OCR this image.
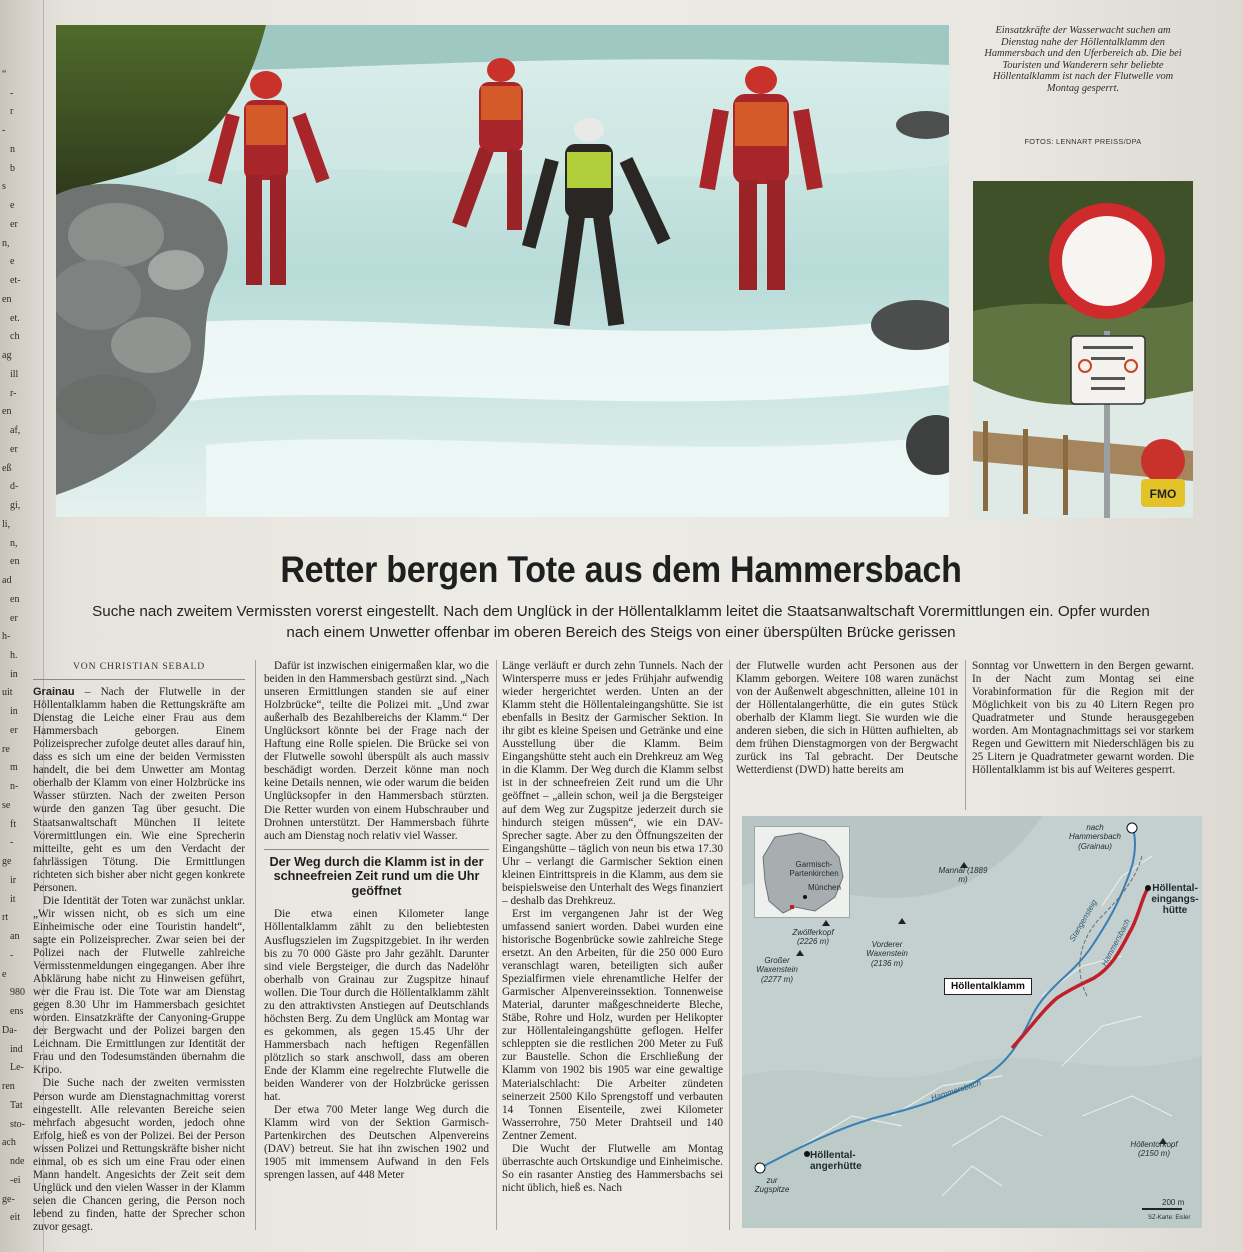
“
-
r
-
n
b
s
e
er
n,
e
et-
en
et.
ch
ag
ill
r-
en
af,
er
eß
d-
gi,
li,
n,
en
ad
en
er
h-
h.
in
uit
in
er
re
m
n-
se
ft
-
ge
ir
it
rt
an
-
e
980
ens
Da-
ind
Le-
ren
Tat
sto-
ach
nde
-ei
ge-
eit
Einsatzkräfte der Wasserwacht suchen am Dienstag nahe der Höllentalklamm den Hammersbach und den Uferbereich ab. Die bei Touristen und Wanderern sehr beliebte Höllentalklamm ist nach der Flutwelle vom Montag gesperrt.
FOTOS: LENNART PREISS/DPA
FMO
Retter bergen Tote aus dem Hammersbach
Suche nach zweitem Vermissten vorerst eingestellt. Nach dem Unglück in der Höllentalklamm leitet die Staatsanwaltschaft Vorermittlungen ein. Opfer wurden nach einem Unwetter offenbar im oberen Bereich des Steigs von einer überspülten Brücke gerissen
VON CHRISTIAN SEBALD

Grainau – Nach der Flutwelle in der Höllentalklamm haben die Rettungskräfte am Dienstag die Leiche einer Frau aus dem Hammersbach geborgen. Einem Polizeisprecher zufolge deutet alles darauf hin, dass es sich um eine der beiden Vermissten handelt, die bei dem Unwetter am Montag oberhalb der Klamm von einer Holzbrücke ins Wasser stürzten. Nach der zweiten Person wurde den ganzen Tag über gesucht. Die Staatsanwaltschaft München II leitete Vorermittlungen ein. Wie eine Sprecherin mitteilte, geht es um den Verdacht der fahrlässigen Tötung. Die Ermittlungen richteten sich bisher aber nicht gegen konkrete Personen.

Die Identität der Toten war zunächst unklar. „Wir wissen nicht, ob es sich um eine Einheimische oder eine Touristin handelt“, sagte ein Polizeisprecher. Zwar seien bei der Polizei nach der Flutwelle zahlreiche Vermisstenmeldungen eingegangen. Aber ihre Abklärung habe nicht zu Hinweisen geführt, wer die Frau ist. Die Tote war am Dienstag gegen 8.30 Uhr im Hammersbach gesichtet worden. Einsatzkräfte der Canyoning-Gruppe der Bergwacht und der Polizei bargen den Leichnam. Die Ermittlungen zur Identität der Frau und den Todesumständen übernahm die Kripo.

Die Suche nach der zweiten vermissten Person wurde am Dienstagnachmittag vorerst eingestellt. Alle relevanten Bereiche seien mehrfach abgesucht worden, jedoch ohne Erfolg, hieß es von der Polizei. Bei der Person wissen Polizei und Rettungskräfte bisher nicht einmal, ob es sich um eine Frau oder einen Mann handelt. Angesichts der Zeit seit dem Unglück und den vielen Wasser in der Klamm seien die Chancen gering, die Person noch lebend zu finden, hatte der Sprecher schon zuvor gesagt.

Dafür ist inzwischen einigermaßen klar, wo die beiden in den Hammersbach gestürzt sind. „Nach unseren Ermittlungen standen sie auf einer Holzbrücke“, teilte die Polizei mit. „Und zwar außerhalb des Bezahlbereichs der Klamm.“ Der Unglücksort könnte bei der Frage nach der Haftung eine Rolle spielen. Die Brücke sei von der Flutwelle sowohl überspült als auch massiv beschädigt worden. Derzeit könne man noch keine Details nennen, wie oder warum die beiden Unglücksopfer in den Hammersbach stürzten. Die Retter wurden von einem Hubschrauber und Drohnen unterstützt. Der Hammersbach führte auch am Dienstag noch relativ viel Wasser.

Der Weg durch die Klamm ist in der schneefreien Zeit rund um die Uhr geöffnet

Die etwa einen Kilometer lange Höllentalklamm zählt zu den beliebtesten Ausflugszielen im Zugspitzgebiet. In ihr werden bis zu 70 000 Gäste pro Jahr gezählt. Darunter sind viele Bergsteiger, die durch das Nadelöhr oberhalb von Grainau zur Zugspitze hinauf wollen. Die Tour durch die Höllentalklamm zählt zu den attraktivsten Anstiegen auf Deutschlands höchsten Berg. Zu dem Unglück am Montag war es gekommen, als gegen 15.45 Uhr der Hammersbach nach heftigen Regenfällen plötzlich so stark anschwoll, dass am oberen Ende der Klamm eine regelrechte Flutwelle die beiden Wanderer von der Holzbrücke gerissen hat.

Der etwa 700 Meter lange Weg durch die Klamm wird von der Sektion Garmisch-Partenkirchen des Deutschen Alpenvereins (DAV) betreut. Sie hat ihn zwischen 1902 und 1905 mit immensem Aufwand in den Fels sprengen lassen, auf 448 Meter

Länge verläuft er durch zehn Tunnels. Nach der Wintersperre muss er jedes Frühjahr aufwendig wieder hergerichtet werden. Unten an der Klamm steht die Höllentaleingangshütte. Sie ist ebenfalls in Besitz der Garmischer Sektion. In ihr gibt es kleine Speisen und Getränke und eine Ausstellung über die Klamm. Beim Eingangshütte steht auch ein Drehkreuz am Weg in die Klamm. Der Weg durch die Klamm selbst ist in der schneefreien Zeit rund um die Uhr geöffnet – „allein schon, weil ja die Bergsteiger auf dem Weg zur Zugspitze jederzeit durch sie hindurch steigen müssen“, wie ein DAV-Sprecher sagte. Aber zu den Öffnungszeiten der Eingangshütte – täglich von neun bis etwa 17.30 Uhr – verlangt die Garmischer Sektion einen kleinen Eintrittspreis in die Klamm, aus dem sie beispielsweise den Unterhalt des Wegs finanziert – deshalb das Drehkreuz.

Erst im vergangenen Jahr ist der Weg umfassend saniert worden. Dabei wurden eine historische Bogenbrücke sowie zahlreiche Stege ersetzt. An den Arbeiten, für die 250 000 Euro veranschlagt waren, beteiligten sich außer Spezialfirmen viele ehrenamtliche Helfer der Garmischer Alpenvereinssektion. Tonnenweise Material, darunter maßgeschneiderte Bleche, Stäbe, Rohre und Holz, wurden per Helikopter zur Höllentaleingangshütte geflogen. Helfer schleppten sie die restlichen 200 Meter zu Fuß zur Baustelle. Schon die Erschließung der Klamm von 1902 bis 1905 war eine gewaltige Materialschlacht: Die Arbeiter zündeten seinerzeit 2500 Kilo Sprengstoff und verbauten 14 Tonnen Eisenteile, zwei Kilometer Wasserrohre, 750 Meter Drahtseil und 140 Zentner Zement.

Die Wucht der Flutwelle am Montag überraschte auch Ortskundige und Einheimische. So ein rasanter Anstieg des Hammersbachs sei nicht üblich, hieß es. Nach

der Flutwelle wurden acht Personen aus der Klamm geborgen. Weitere 108 waren zunächst von der Außenwelt abgeschnitten, alleine 101 in der Höllentalangerhütte, die ein gutes Stück oberhalb der Klamm liegt. Sie wurden wie die anderen sieben, die sich in Hütten aufhielten, ab dem frühen Dienstagmorgen von der Bergwacht zurück ins Tal gebracht. Der Deutsche Wetterdienst (DWD) hatte bereits am

Sonntag vor Unwettern in den Bergen gewarnt. In der Nacht zum Montag sei eine Vorabinformation für die Region mit der Möglichkeit von bis zu 40 Litern Regen pro Quadratmeter und Stunde herausgegeben worden. Am Montagnachmittags sei vor starkem Regen und Gewittern mit Niederschlägen bis zu 25 Litern je Quadratmeter gewarnt worden. Die Höllentalklamm ist bis auf Weiteres gesperrt.

Garmisch-Partenkirchen
München
nach Hammersbach (Grainau)
Mannal (1889 m)
Höllental-eingangs-hütte
Zwölferkopf (2226 m)	Vorderer Waxenstein (2136 m)
Großer Waxenstein (2277 m)
Höllentalklamm
Höllental-angerhütte
Höllentorkopf (2150 m)
zur Zugspitze
Stangensteig
Hammersbach
Hammersbach
200 m
SZ-Karte: Eisler
